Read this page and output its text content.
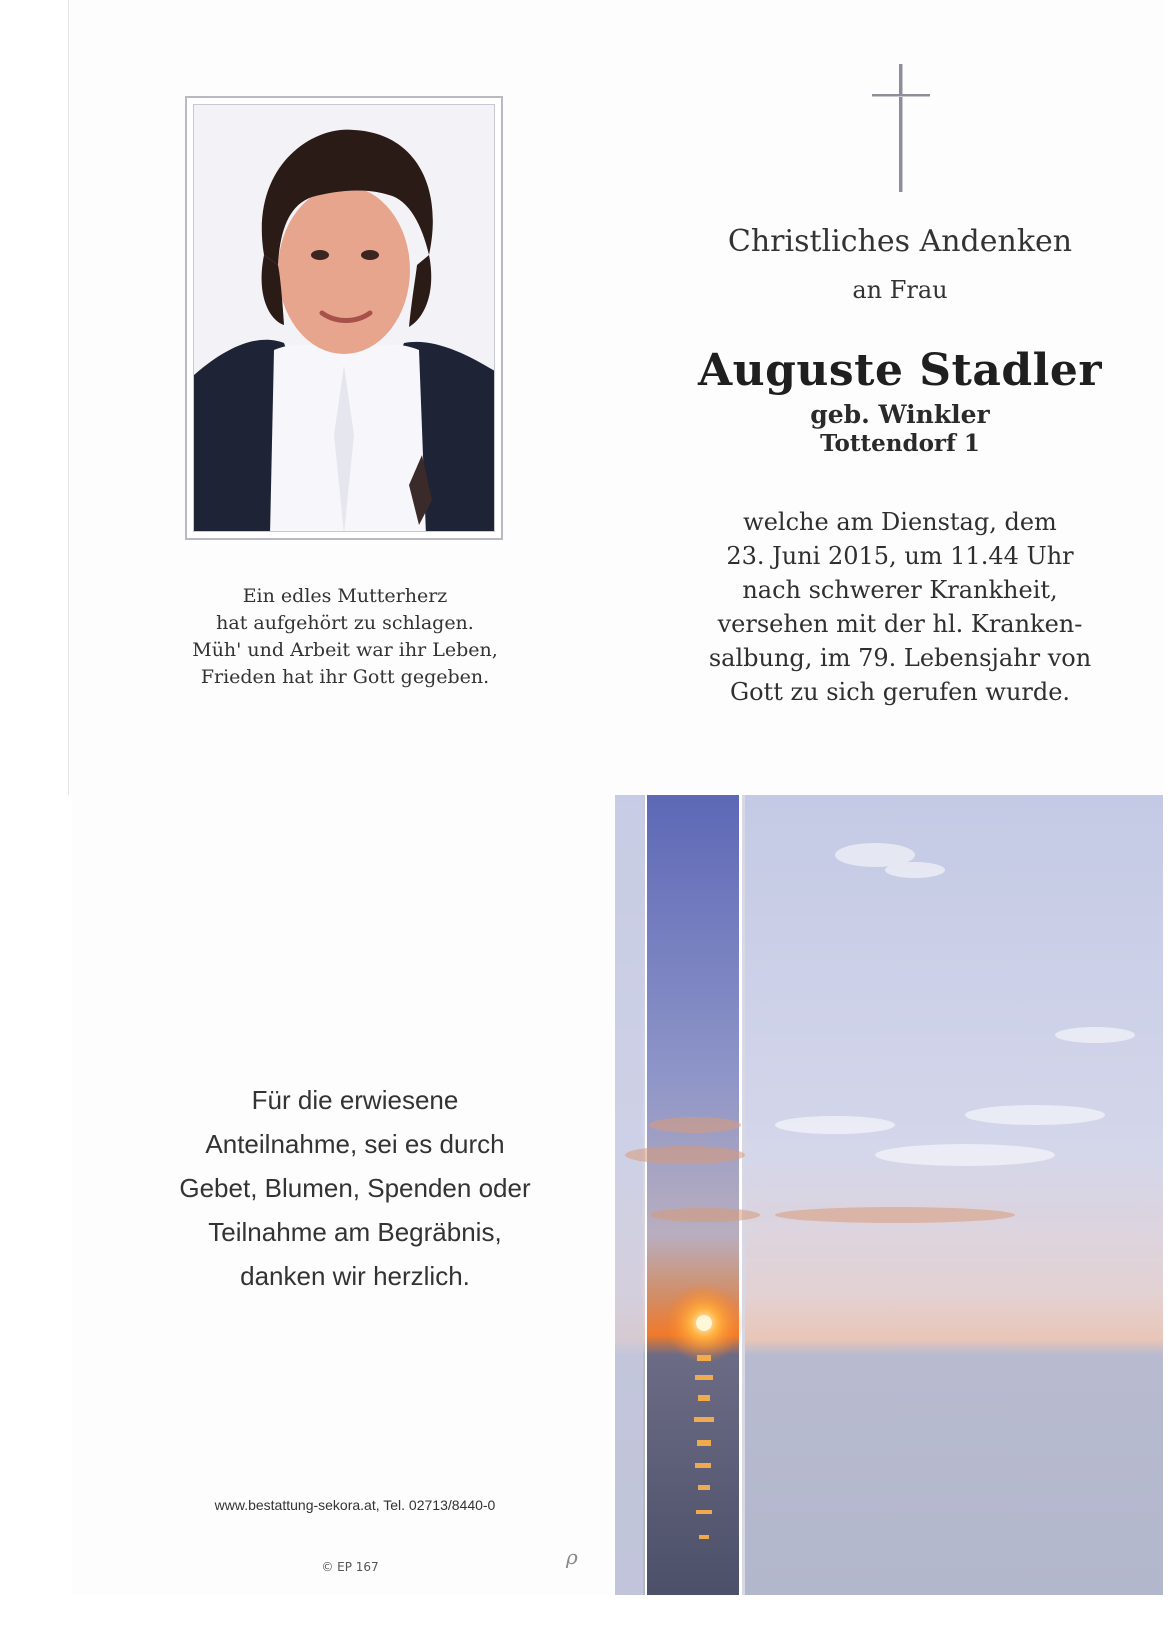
Ein edles Mutterherz
hat aufgehört zu schlagen.
Müh' und Arbeit war ihr Leben,
Frieden hat ihr Gott gegeben.
Christliches Andenken
an Frau
Auguste Stadler
geb. Winkler
Tottendorf 1
welche am Dienstag, dem
23. Juni 2015, um 11.44 Uhr
nach schwerer Krankheit,
versehen mit der hl. Kranken-
salbung, im 79. Lebensjahr von
Gott zu sich gerufen wurde.
Für die erwiesene
Anteilnahme, sei es durch
Gebet, Blumen, Spenden oder
Teilnahme am Begräbnis,
danken wir herzlich.
www.bestattung-sekora.at, Tel. 02713/8440-0
© EP 167	ρ
